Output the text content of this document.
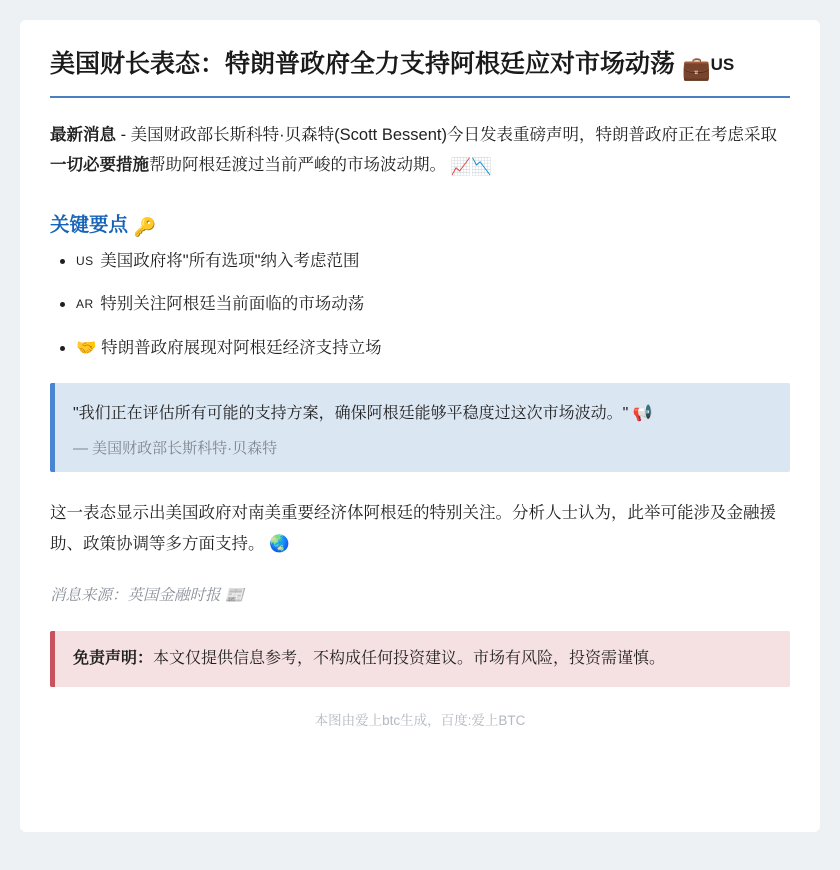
美国财长表态：特朗普政府全力支持阿根廷应对市场动荡 💼US

最新消息 - 美国财政部长斯科特·贝森特(Scott Bessent)今日发表重磅声明，特朗普政府正在考虑采取一切必要措施帮助阿根廷渡过当前严峻的市场波动期。 📈📉

关键要点 🔑
• US 美国政府将"所有选项"纳入考虑范围
• AR 特别关注阿根廷当前面临的市场动荡
• 🤝 特朗普政府展现对阿根廷经济支持立场

"我们正在评估所有可能的支持方案，确保阿根廷能够平稳度过这次市场波动。" 📢

— 美国财政部长斯科特·贝森特

这一表态显示出美国政府对南美重要经济体阿根廷的特别关注。分析人士认为，此举可能涉及金融援助、政策协调等多方面支持。 🌏

消息来源：英国金融时报 📰

免责声明：本文仅提供信息参考，不构成任何投资建议。市场有风险，投资需谨慎。

本图由爱上btc生成，百度:爱上BTC
